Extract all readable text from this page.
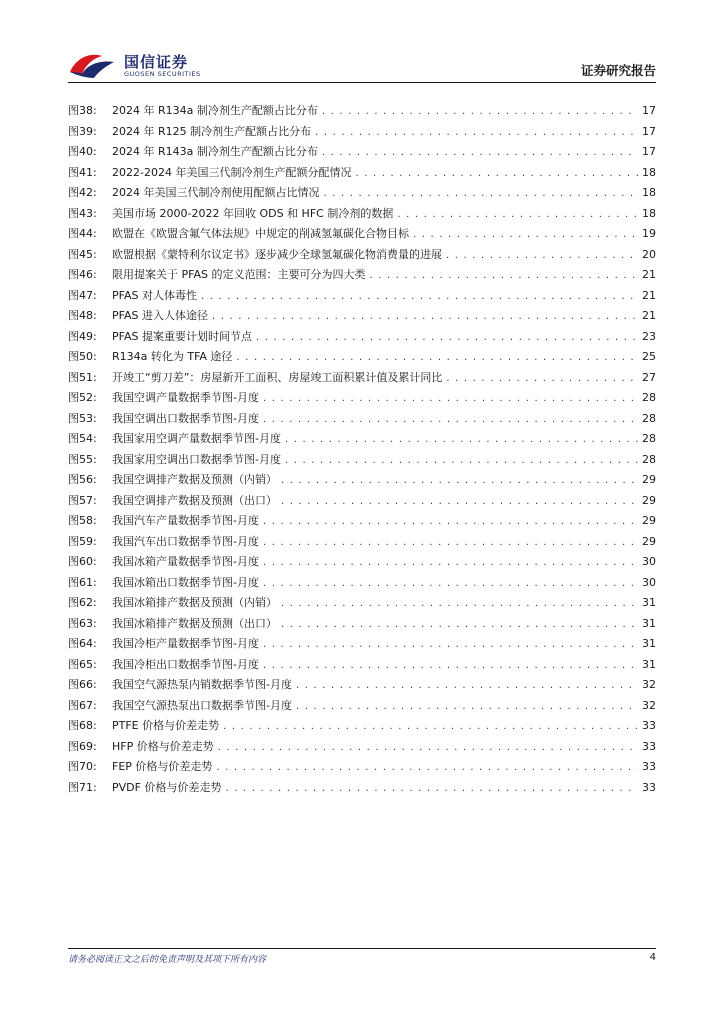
国信证券
GUOSEN SECURITIES	证券研究报告
图38:	2024 年 R134a 制冷剂生产配额占比分布 . . .	17
图39:	2024 年 R125 制冷剂生产配额占比分布 . . .	17
图40:	2024 年 R143a 制冷剂生产配额占比分布 . . .	17
图41:	2022-2024 年美国三代制冷剂生产配额分配情况 . . .	18
图42:	2024 年美国三代制冷剂使用配额占比情况 . . .	18
图43:	美国市场 2000-2022 年回收 ODS 和 HFC 制冷剂的数据 . . .	18
图44:	欧盟在《欧盟含氟气体法规》中规定的削减氢氟碳化合物目标 . . .	19
图45:	欧盟根据《蒙特利尔议定书》逐步减少全球氢氟碳化物消费量的进展 . . .	20
图46:	限用提案关于 PFAS 的定义范围：主要可分为四大类 . . .	21
图47:	PFAS 对人体毒性 . . .	21
图48:	PFAS 进入人体途径 . . .	21
图49:	PFAS 提案重要计划时间节点 . . .	23
图50:	R134a 转化为 TFA 途径 . . .	25
图51:	开竣工“剪刀差”：房屋新开工面积、房屋竣工面积累计值及累计同比 . . .	27
图52:	我国空调产量数据季节图-月度 . . .	28
图53:	我国空调出口数据季节图-月度 . . .	28
图54:	我国家用空调产量数据季节图-月度 . . .	28
图55:	我国家用空调出口数据季节图-月度 . . .	28
图56:	我国空调排产数据及预测（内销） . . .	29
图57:	我国空调排产数据及预测（出口） . . .	29
图58:	我国汽车产量数据季节图-月度 . . .	29
图59:	我国汽车出口数据季节图-月度 . . .	29
图60:	我国冰箱产量数据季节图-月度 . . .	30
图61:	我国冰箱出口数据季节图-月度 . . .	30
图62:	我国冰箱排产数据及预测（内销） . . .	31
图63:	我国冰箱排产数据及预测（出口） . . .	31
图64:	我国冷柜产量数据季节图-月度 . . .	31
图65:	我国冷柜出口数据季节图-月度 . . .	31
图66:	我国空气源热泵内销数据季节图-月度 . . .	32
图67:	我国空气源热泵出口数据季节图-月度 . . .	32
图68:	PTFE 价格与价差走势 . . .	33
图69:	HFP 价格与价差走势 . . .	33
图70:	FEP 价格与价差走势 . . .	33
图71:	PVDF 价格与价差走势 . . .	33
请务必阅读正文之后的免责声明及其项下所有内容	4
